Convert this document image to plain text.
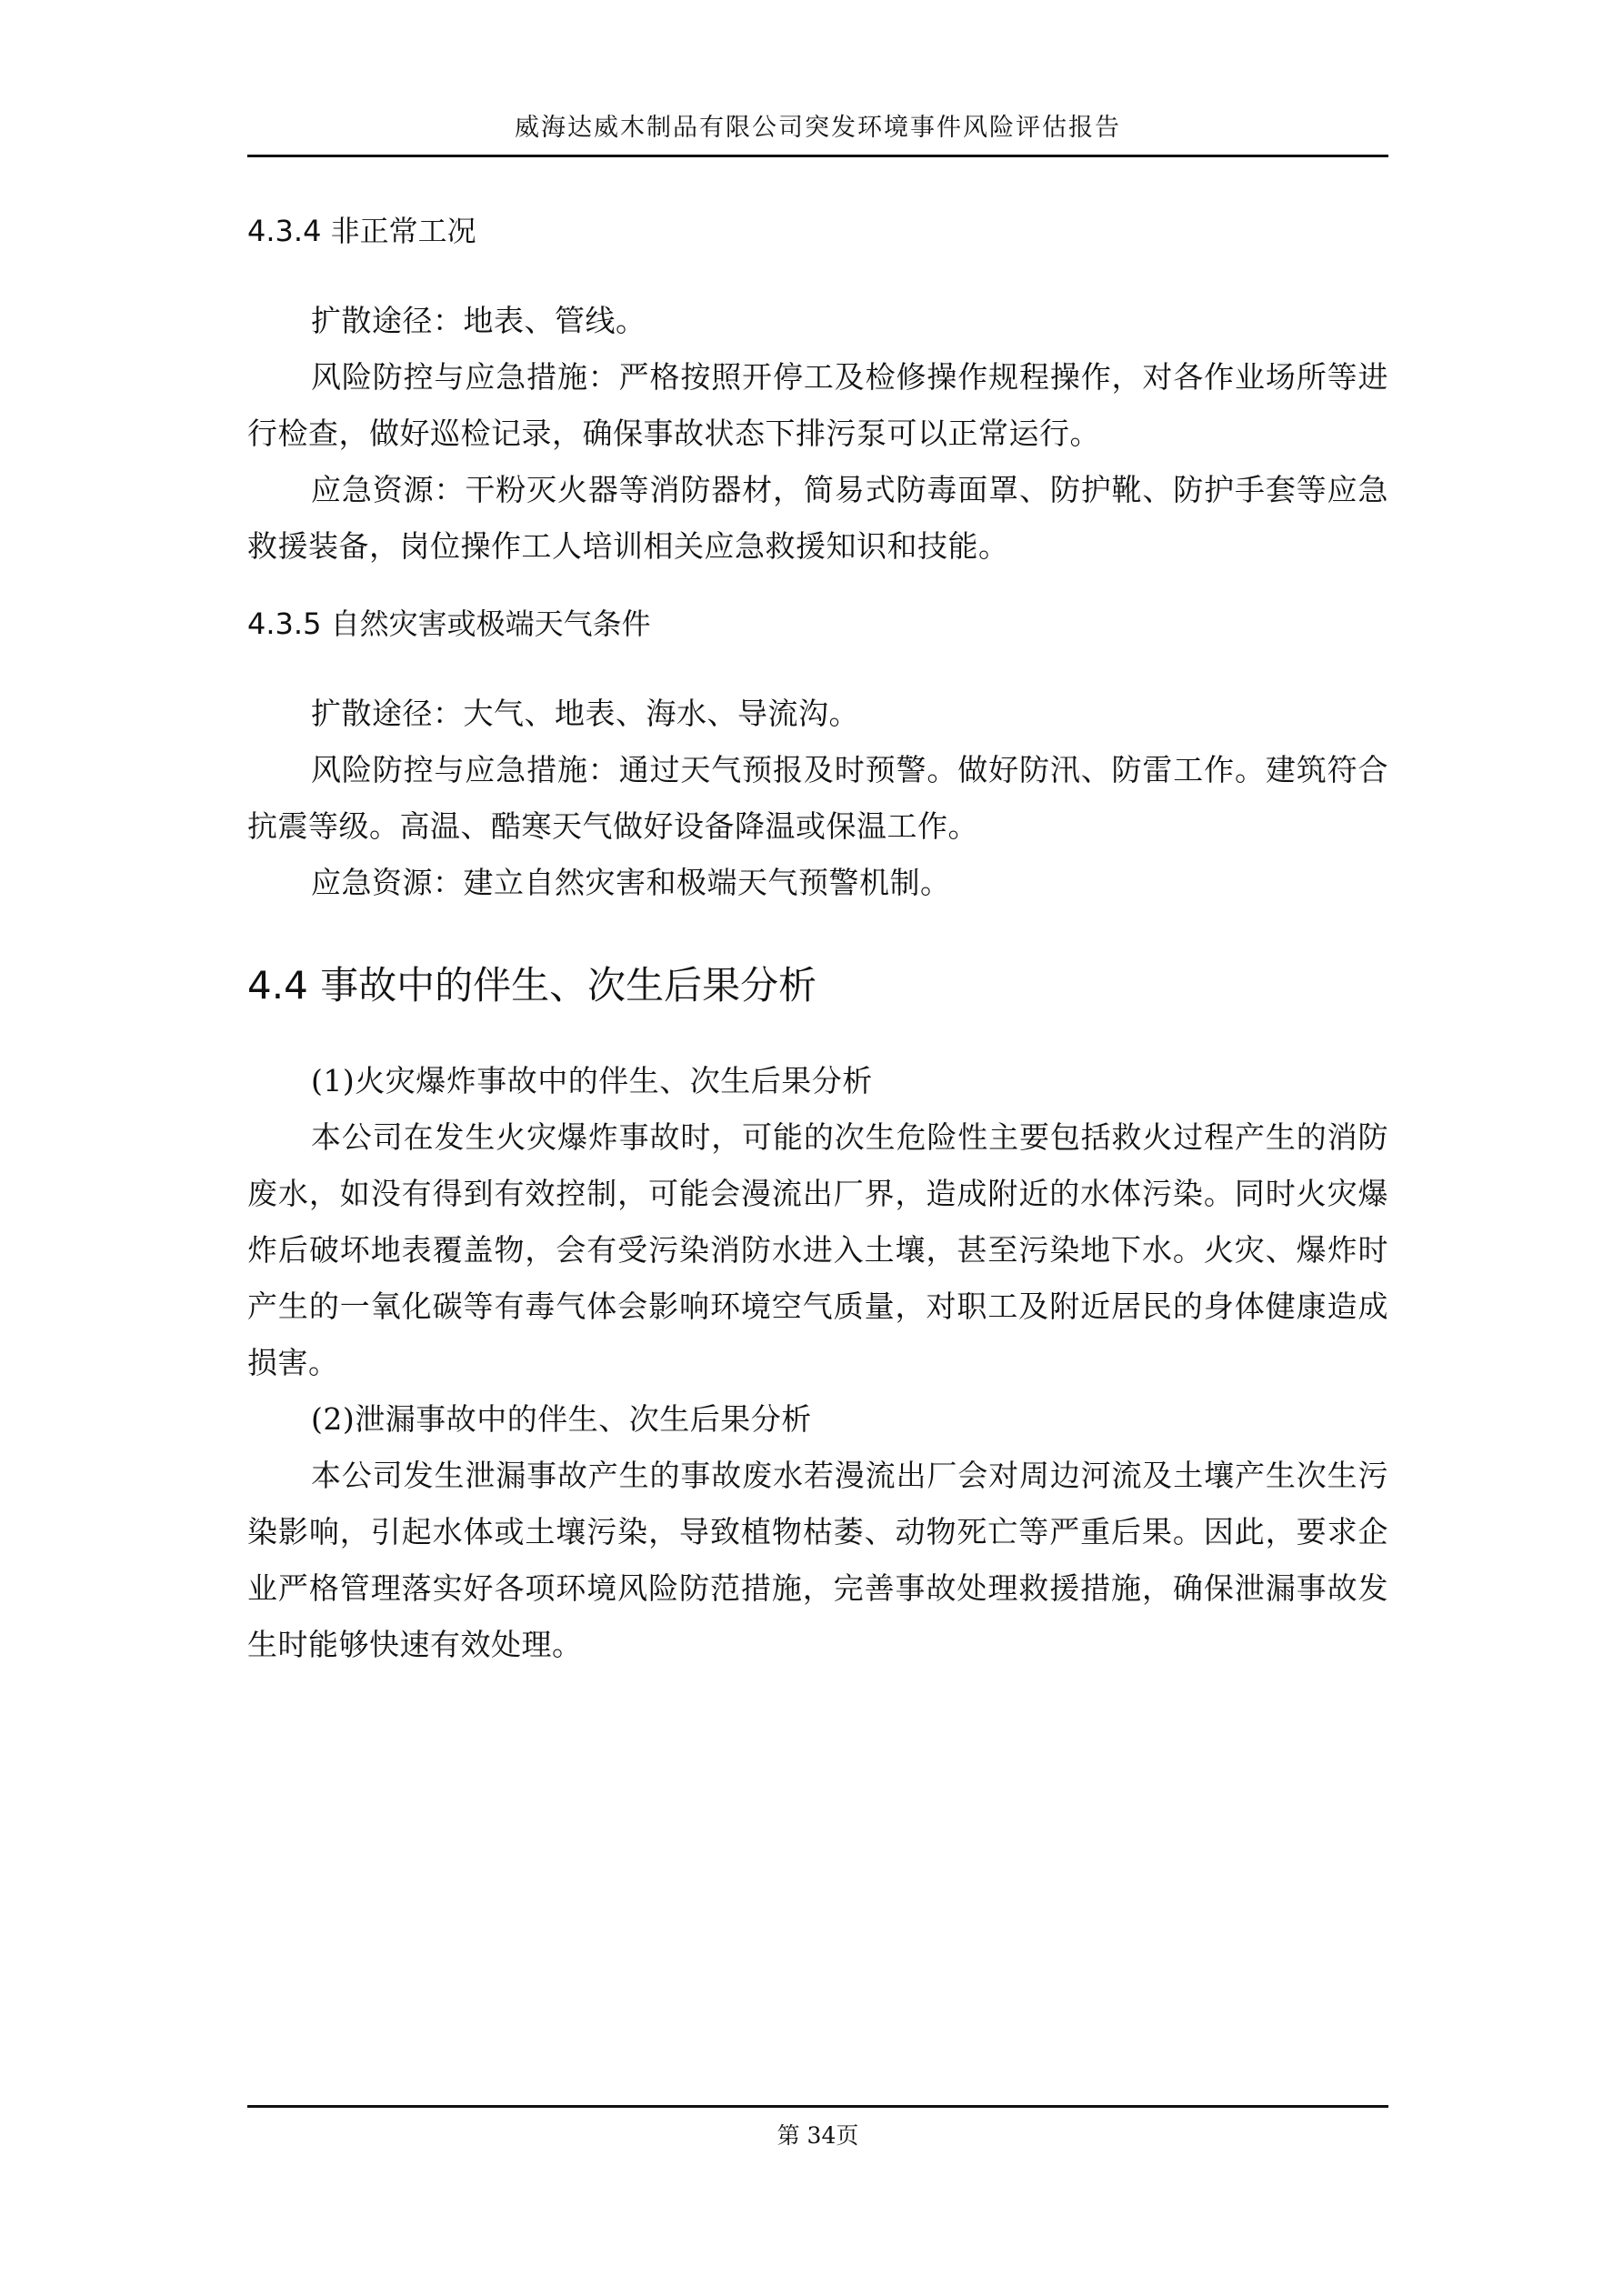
威海达威木制品有限公司突发环境事件风险评估报告
4.3.4 非正常工况

扩散途径：地表、管线。

风险防控与应急措施：严格按照开停工及检修操作规程操作，对各作业场所等进行检查，做好巡检记录，确保事故状态下排污泵可以正常运行。

应急资源：干粉灭火器等消防器材，简易式防毒面罩、防护靴、防护手套等应急救援装备，岗位操作工人培训相关应急救援知识和技能。

4.3.5 自然灾害或极端天气条件

扩散途径：大气、地表、海水、导流沟。

风险防控与应急措施：通过天气预报及时预警。做好防汛、防雷工作。建筑符合抗震等级。高温、酷寒天气做好设备降温或保温工作。

应急资源：建立自然灾害和极端天气预警机制。

4.4 事故中的伴生、次生后果分析

(1)火灾爆炸事故中的伴生、次生后果分析

本公司在发生火灾爆炸事故时，可能的次生危险性主要包括救火过程产生的消防废水，如没有得到有效控制，可能会漫流出厂界，造成附近的水体污染。同时火灾爆炸后破坏地表覆盖物，会有受污染消防水进入土壤，甚至污染地下水。火灾、爆炸时产生的一氧化碳等有毒气体会影响环境空气质量，对职工及附近居民的身体健康造成损害。

(2)泄漏事故中的伴生、次生后果分析

本公司发生泄漏事故产生的事故废水若漫流出厂会对周边河流及土壤产生次生污染影响，引起水体或土壤污染，导致植物枯萎、动物死亡等严重后果。因此，要求企业严格管理落实好各项环境风险防范措施，完善事故处理救援措施，确保泄漏事故发生时能够快速有效处理。

第 34页
